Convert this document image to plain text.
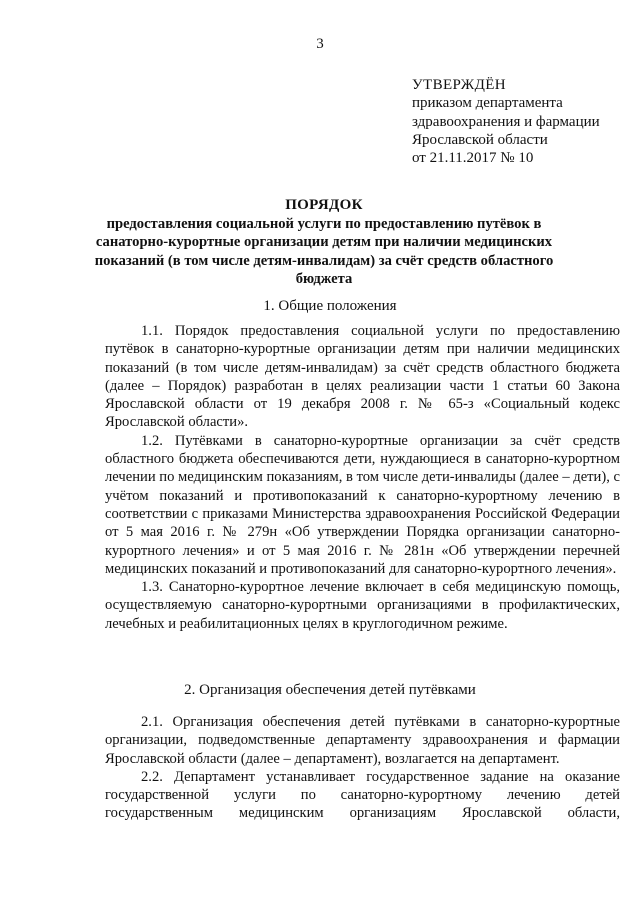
3
УТВЕРЖДЁН
приказом департамента
здравоохранения и фармации
Ярославской области
от 21.11.2017 № 10
ПОРЯДОК
предоставления социальной услуги по предоставлению путёвок в санаторно-курортные организации детям при наличии медицинских показаний (в том числе детям-инвалидам) за счёт средств областного бюджета
1. Общие положения

1.1. Порядок предоставления социальной услуги по предоставлению путёвок в санаторно-курортные организации детям при наличии медицинских показаний (в том числе детям-инвалидам) за счёт средств областного бюджета (далее – Порядок) разработан в целях реализации части 1 статьи 60 Закона Ярославской области от 19 декабря 2008 г. № 65-з «Социальный кодекс Ярославской области».

1.2. Путёвками в санаторно-курортные организации за счёт средств областного бюджета обеспечиваются дети, нуждающиеся в санаторно-курортном лечении по медицинским показаниям, в том числе дети-инвалиды (далее – дети), с учётом показаний и противопоказаний к санаторно-курортному лечению в соответствии с приказами Министерства здравоохранения Российской Федерации от 5 мая 2016 г. № 279н «Об утверждении Порядка организации санаторно-курортного лечения» и от 5 мая 2016 г. № 281н «Об утверждении перечней медицинских показаний и противопоказаний для санаторно-курортного лечения».

1.3. Санаторно-курортное лечение включает в себя медицинскую помощь, осуществляемую санаторно-курортными организациями в профилактических, лечебных и реабилитационных целях в круглогодичном режиме.

2. Организация обеспечения детей путёвками

2.1. Организация обеспечения детей путёвками в санаторно-курортные организации, подведомственные департаменту здравоохранения и фармации Ярославской области (далее – департамент), возлагается на департамент.

2.2. Департамент устанавливает государственное задание на оказание государственной услуги по санаторно-курортному лечению детей государственным медицинским организациям Ярославской области,
